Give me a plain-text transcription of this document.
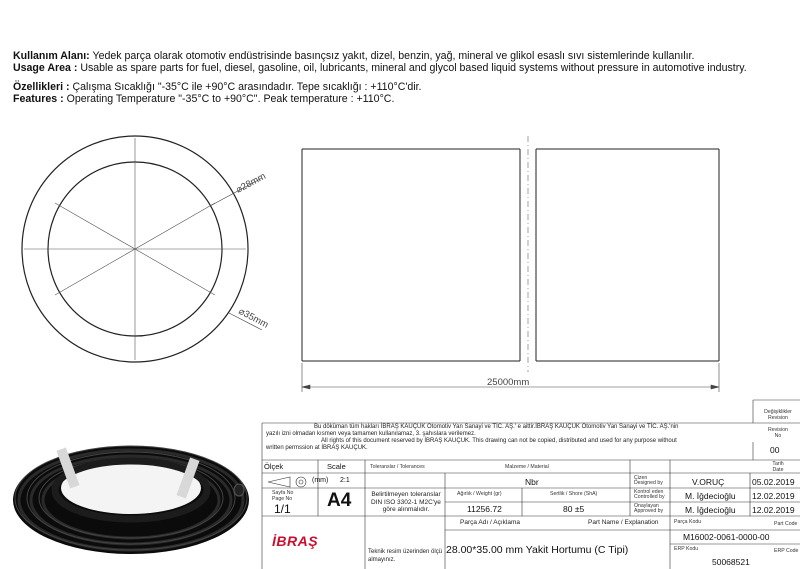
Kullanım Alanı: Yedek parça olarak otomotiv endüstrisinde basınçsız yakıt, dizel, benzin, yağ, mineral ve glikol esaslı sıvı sistemlerinde kullanılır.
Usage Area : Usable as spare parts for fuel, diesel, gasoline, oil, lubricants, mineral and glycol based liquid systems without pressure in automotive industry.
Özellikleri : Çalışma Sıcaklığı "-35°C ile +90°C arasındadır. Tepe sıcaklığı : +110°C'dir.
Features : Operating Temperature "-35°C to +90°C". Peak temperature : +110°C.
⌀28mm
⌀35mm
25000mm
Değişiklikler
Revision
Revision
No
00
Tarih
Date
Bu döküman tüm hakları İBRAŞ KAUÇUK Otomotiv Yan Sanayi ve TİC. AŞ.' e aittir.İBRAŞ KAUÇUK Otomotiv Yan Sanayi ve TİC. AŞ.'nin
yazılı izni olmadan kısmen veya tamamen kullanılamaz, 3. şahıslara verilemez.
All rights of this document reserved by İBRAŞ KAUÇUK. This drawing can not be copied, distributed and used for any purpose without
written permssion at İBRAŞ KAUÇUK.
Ölçek	Scale
(mm) 2:1
Sayfa No
Page No
1/1 A4
Toleranslar / Tolerances
Belirtilmeyen toleranslar
DIN ISO 3302-1 M2C'ye
göre alınmalıdır.
Malzeme / Material
Nbr
Ağırlık / Weight (gr)
11256.72
Sertlik / Shore (ShA)
80 ±5
Çizen
Designed by	V.ORUÇ	05.02.2019
Kontrol eden
Controlled by M. İğdecioğlu 12.02.2019
Onaylayan
Approved by	M. İğdecioğlu 12.02.2019
Parça Adı / Açıklama	Part Name / Explanation
28.00*35.00 mm Yakit Hortumu (C Tipi)
Parça Kodu	Part Code
M16002-0061-0000-00
ERP Kodu	ERP Code
50068521
Teknik resim üzerinden ölçü almayınız.
İBRAŞ
